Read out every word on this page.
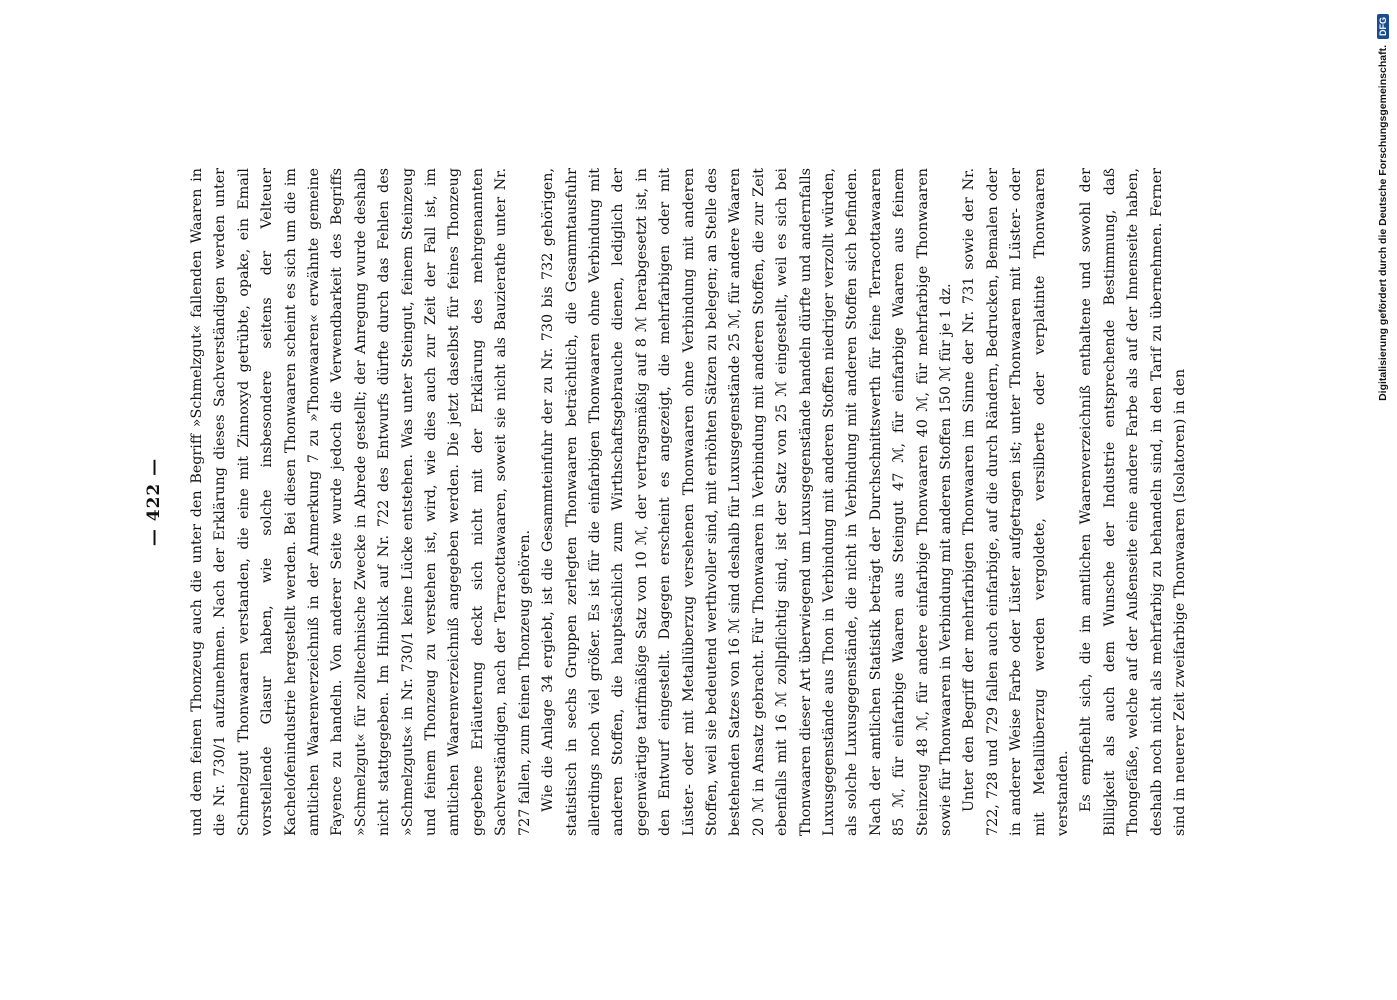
— 422 —	und dem feinen Thonzeug auch die unter den Begriff »Schmelzgut« fallenden Waaren in die Nr. 730/1 aufzunehmen. Nach der Erklärung dieses Sachverständigen werden unter Schmelzgut Thonwaaren verstanden, die eine mit Zinnoxyd getrübte, opake, ein Email vorstellende Glasur haben, wie solche insbesondere seitens der Velteuer Kachelofenindustrie hergestellt werden. Bei diesen Thonwaaren scheint es sich um die im amtlichen Waarenverzeichniß in der Anmerkung 7 zu »Thonwaaren« erwähnte gemeine Fayence zu handeln. Von anderer Seite wurde jedoch die Verwendbarkeit des Begriffs »Schmelzgut« für zolltechnische Zwecke in Abrede gestellt; der Anregung wurde deshalb nicht stattgegeben. Im Hinblick auf Nr. 722 des Entwurfs dürfte durch das Fehlen des »Schmelzguts« in Nr. 730/1 keine Lücke entstehen. Was unter Steingut, feinem Steinzeug und feinem Thonzeug zu verstehen ist, wird, wie dies auch zur Zeit der Fall ist, im amtlichen Waarenverzeichniß angegeben werden. Die jetzt daselbst für feines Thonzeug gegebene Erläuterung deckt sich nicht mit der Erklärung des mehrgenannten Sachverständigen, nach der Terracottawaaren, soweit sie nicht als Bauzierathe unter Nr. 727 fallen, zum feinen Thonzeug gehören. Wie die Anlage 34 ergiebt, ist die Gesammteinfuhr der zu Nr. 730 bis 732 gehörigen, statistisch in sechs Gruppen zerlegten Thonwaaren beträchtlich, die Gesammtausfuhr allerdings noch viel größer. Es ist für die einfarbigen Thonwaaren ohne Verbindung mit anderen Stoffen, die hauptsächlich zum Wirthschaftsgebrauche dienen, lediglich der gegenwärtige tarifmäßige Satz von 10 ℳ, der vertragsmäßig auf 8 ℳ herabgesetzt ist, in den Entwurf eingestellt. Dagegen erscheint es angezeigt, die mehrfarbigen oder mit Lüster- oder mit Metallüberzug versehenen Thonwaaren ohne Verbindung mit anderen Stoffen, weil sie bedeutend werthvoller sind, mit erhöhten Sätzen zu belegen; an Stelle des bestehenden Satzes von 16 ℳ sind deshalb für Luxusgegenstände 25 ℳ, für andere Waaren 20 ℳ in Ansatz gebracht. Für Thonwaaren in Verbindung mit anderen Stoffen, die zur Zeit ebenfalls mit 16 ℳ zollpflichtig sind, ist der Satz von 25 ℳ eingestellt, weil es sich bei Thonwaaren dieser Art überwiegend um Luxusgegenstände handeln dürfte und andernfalls Luxusgegenstände aus Thon in Verbindung mit anderen Stoffen niedriger verzollt würden, als solche Luxusgegenstände, die nicht in Verbindung mit anderen Stoffen sich befinden. Nach der amtlichen Statistik beträgt der Durchschnittswerth für feine Terracottawaaren 85 ℳ, für einfarbige Waaren aus Steingut 47 ℳ, für einfarbige Waaren aus feinem Steinzeug 48 ℳ, für andere einfarbige Thonwaaren 40 ℳ, für mehrfarbige Thonwaaren sowie für Thonwaaren in Verbindung mit anderen Stoffen 150 ℳ für je 1 dz. Unter den Begriff der mehrfarbigen Thonwaaren im Sinne der Nr. 731 sowie der Nr. 722, 728 und 729 fallen auch einfarbige, auf die durch Rändern, Bedrucken, Bemalen oder in anderer Weise Farbe oder Lüster aufgetragen ist; unter Thonwaaren mit Lüster- oder mit Metallüberzug werden vergoldete, versilberte oder verplatinte Thonwaaren verstanden. Es empfiehlt sich, die im amtlichen Waarenverzeichniß enthaltene und sowohl der Billigkeit als auch dem Wunsche der Industrie entsprechende Bestimmung, daß Thongefäße, welche auf der Außenseite eine andere Farbe als auf der Innenseite haben, deshalb noch nicht als mehrfarbig zu behandeln sind, in den Tarif zu übernehmen. Ferner sind in neuerer Zeit zweifarbige Thonwaaren (Isolatoren) in den

Digitalisierung gefördert durch die Deutsche Forschungsgemeinschaft.
DFG
